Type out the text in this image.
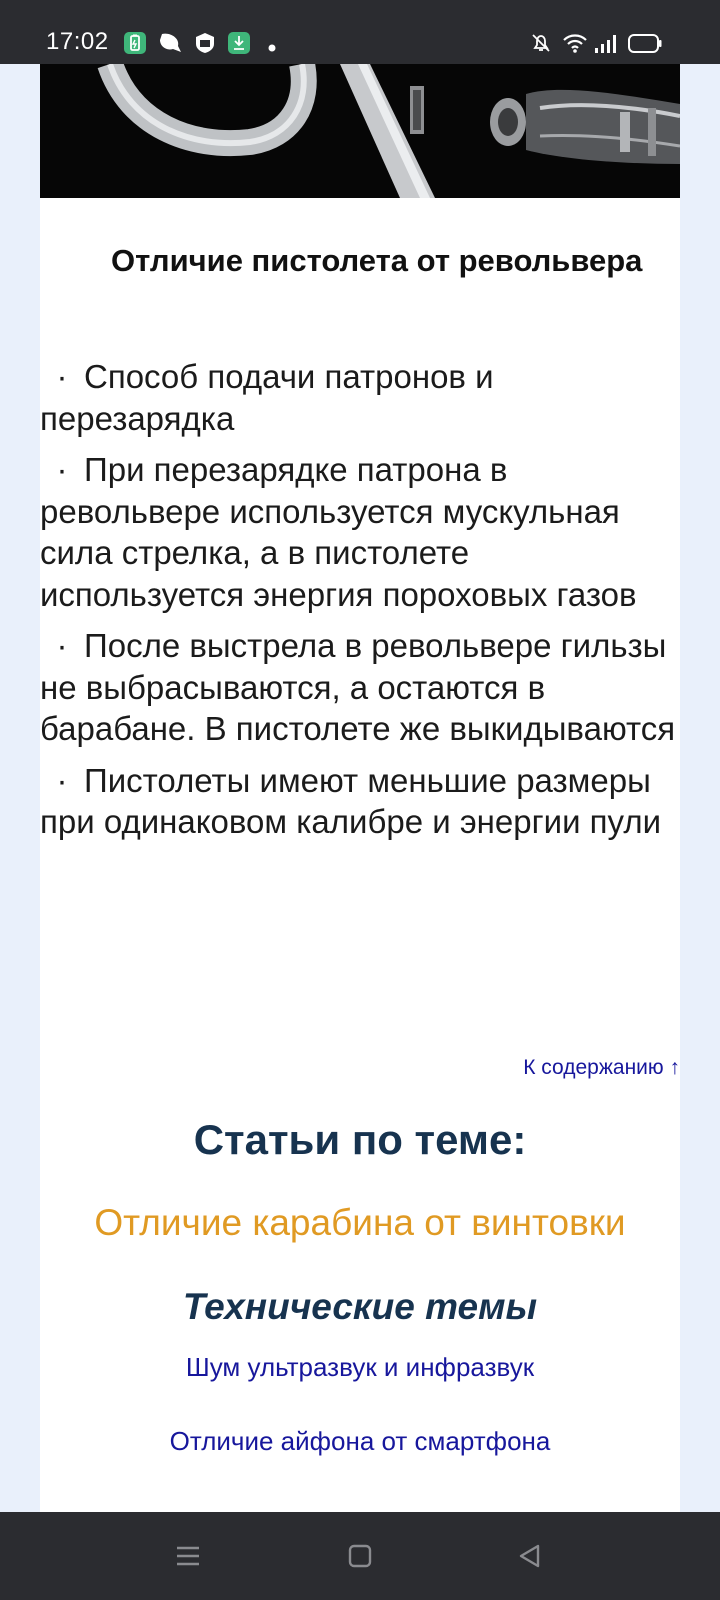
17:02
Отличие пистолета от револьвера
· Способ подачи патронов и перезарядка
· При перезарядке патрона в револьвере используется мускульная сила стрелка, а в пистолете используется энергия пороховых газов
· После выстрела в револьвере гильзы не выбрасываются, а остаются в барабане. В пистолете же выкидываются
· Пистолеты имеют меньшие размеры при одинаковом калибре и энергии пули
К содержанию ↑
Статьи по теме:
Отличие карабина от винтовки
Технические темы
Шум ультразвук и инфразвук
Отличие айфона от смартфона
